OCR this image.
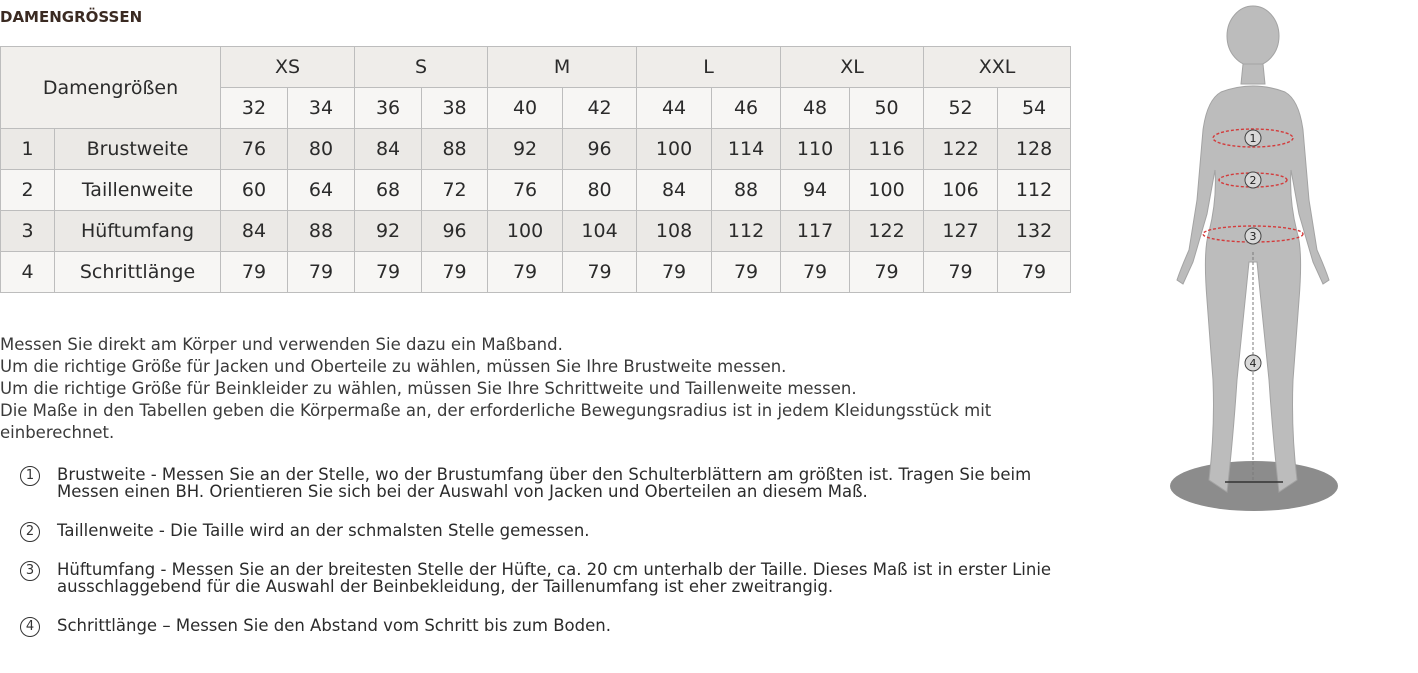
DAMENGRÖSSEN
Damengrößen		XS		S		M		L		XL		XXL	
		32	34	36	38	40	42	44	46	48	50	52	54
1	Brustweite	76	80	84	88	92	96	100	114	110	116	122	128
2	Taillenweite	60	64	68	72	76	80	84	88	94	100	106	112
3	Hüftumfang	84	88	92	96	100	104	108	112	117	122	127	132
4	Schrittlänge	79	79	79	79	79	79	79	79	79	79	79	79

Messen Sie direkt am Körper und verwenden Sie dazu ein Maßband.

Um die richtige Größe für Jacken und Oberteile zu wählen, müssen Sie Ihre Brustweite messen.

Um die richtige Größe für Beinkleider zu wählen, müssen Sie Ihre Schrittweite und Taillenweite messen.

Die Maße in den Tabellen geben die Körpermaße an, der erforderliche Bewegungsradius ist in jedem Kleidungsstück mit einberechnet.

1	Brustweite - Messen Sie an der Stelle, wo der Brustumfang über den Schulterblättern am größten ist. Tragen Sie beim Messen einen BH. Orientieren Sie sich bei der Auswahl von Jacken und Oberteilen an diesem Maß.
2	Taillenweite - Die Taille wird an der schmalsten Stelle gemessen.
3	Hüftumfang - Messen Sie an der breitesten Stelle der Hüfte, ca. 20 cm unterhalb der Taille. Dieses Maß ist in erster Linie ausschlaggebend für die Auswahl der Beinbekleidung, der Taillenumfang ist eher zweitrangig.
4	Schrittlänge – Messen Sie den Abstand vom Schritt bis zum Boden.
1
2
3
4
